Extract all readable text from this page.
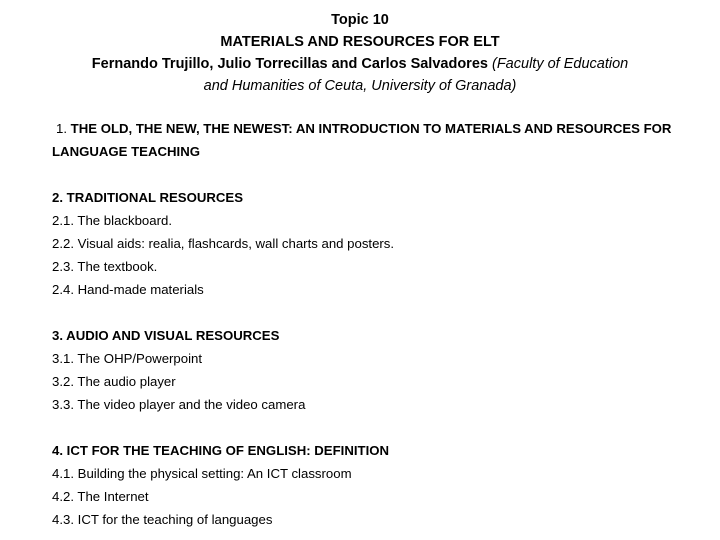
Topic 10
MATERIALS AND RESOURCES FOR ELT
Fernando Trujillo, Julio Torrecillas and Carlos Salvadores (Faculty of Education
and Humanities of Ceuta, University of Granada)
1. THE OLD, THE NEW, THE NEWEST: AN INTRODUCTION TO MATERIALS AND RESOURCES FOR LANGUAGE TEACHING
2. TRADITIONAL RESOURCES
2.1. The blackboard.
2.2. Visual aids: realia, flashcards, wall charts and posters.
2.3. The textbook.
2.4. Hand-made materials
3. AUDIO AND VISUAL RESOURCES
3.1. The OHP/Powerpoint
3.2. The audio player
3.3. The video player and the video camera
4. ICT FOR THE TEACHING OF ENGLISH: DEFINITION
4.1. Building the physical setting: An ICT classroom
4.2. The Internet
4.3. ICT for the teaching of languages
